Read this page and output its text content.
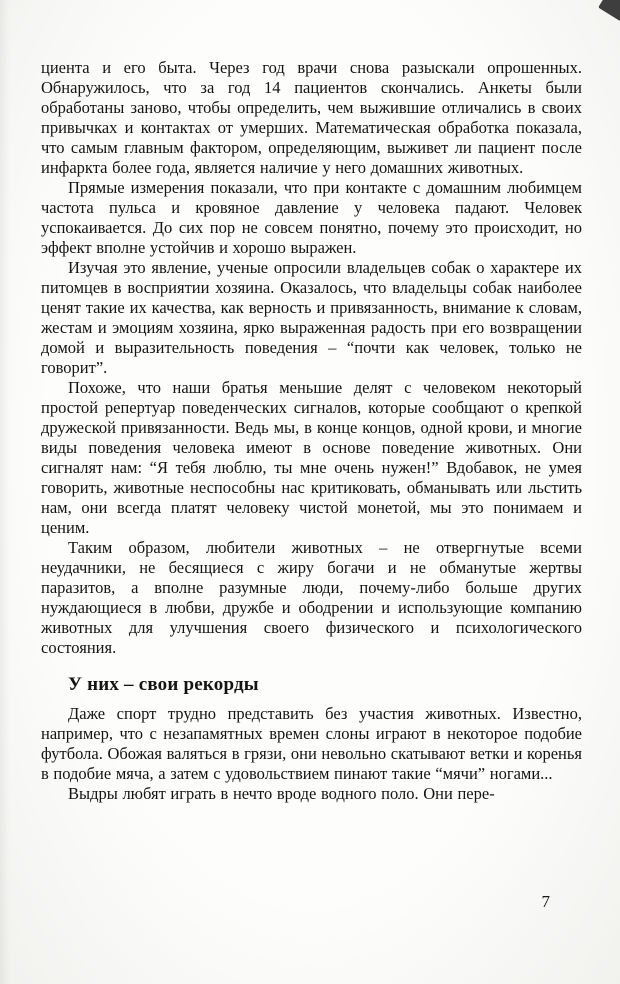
циента и его быта. Через год врачи снова разыскали опрошенных. Обнаружилось, что за год 14 пациентов скончались. Анкеты были обработаны заново, чтобы определить, чем выжившие отличались в своих привычках и контактах от умерших. Математическая обработка показала, что самым главным фактором, определяющим, выживет ли пациент после инфаркта более года, является наличие у него домашних животных.

Прямые измерения показали, что при контакте с домашним любимцем частота пульса и кровяное давление у человека падают. Человек успокаивается. До сих пор не совсем понятно, почему это происходит, но эффект вполне устойчив и хорошо выражен.

Изучая это явление, ученые опросили владельцев собак о характере их питомцев в восприятии хозяина. Оказалось, что владельцы собак наиболее ценят такие их качества, как верность и привязанность, внимание к словам, жестам и эмоциям хозяина, ярко выраженная радость при его возвращении домой и выразительность поведения – “почти как человек, только не говорит”.

Похоже, что наши братья меньшие делят с человеком некоторый простой репертуар поведенческих сигналов, которые сообщают о крепкой дружеской привязанности. Ведь мы, в конце концов, одной крови, и многие виды поведения человека имеют в основе поведение животных. Они сигналят нам: “Я тебя люблю, ты мне очень нужен!” Вдобавок, не умея говорить, животные неспособны нас критиковать, обманывать или льстить нам, они всегда платят человеку чистой монетой, мы это понимаем и ценим.

Таким образом, любители животных – не отвергнутые всеми неудачники, не бесящиеся с жиру богачи и не обманутые жертвы паразитов, а вполне разумные люди, почему-либо больше других нуждающиеся в любви, дружбе и ободрении и использующие компанию животных для улучшения своего физического и психологического состояния.

У них – свои рекорды

Даже спорт трудно представить без участия животных. Известно, например, что с незапамятных времен слоны играют в некоторое подобие футбола. Обожая валяться в грязи, они невольно скатывают ветки и коренья в подобие мяча, а затем с удовольствием пинают такие “мячи” ногами...

Выдры любят играть в нечто вроде водного поло. Они пере-

7
